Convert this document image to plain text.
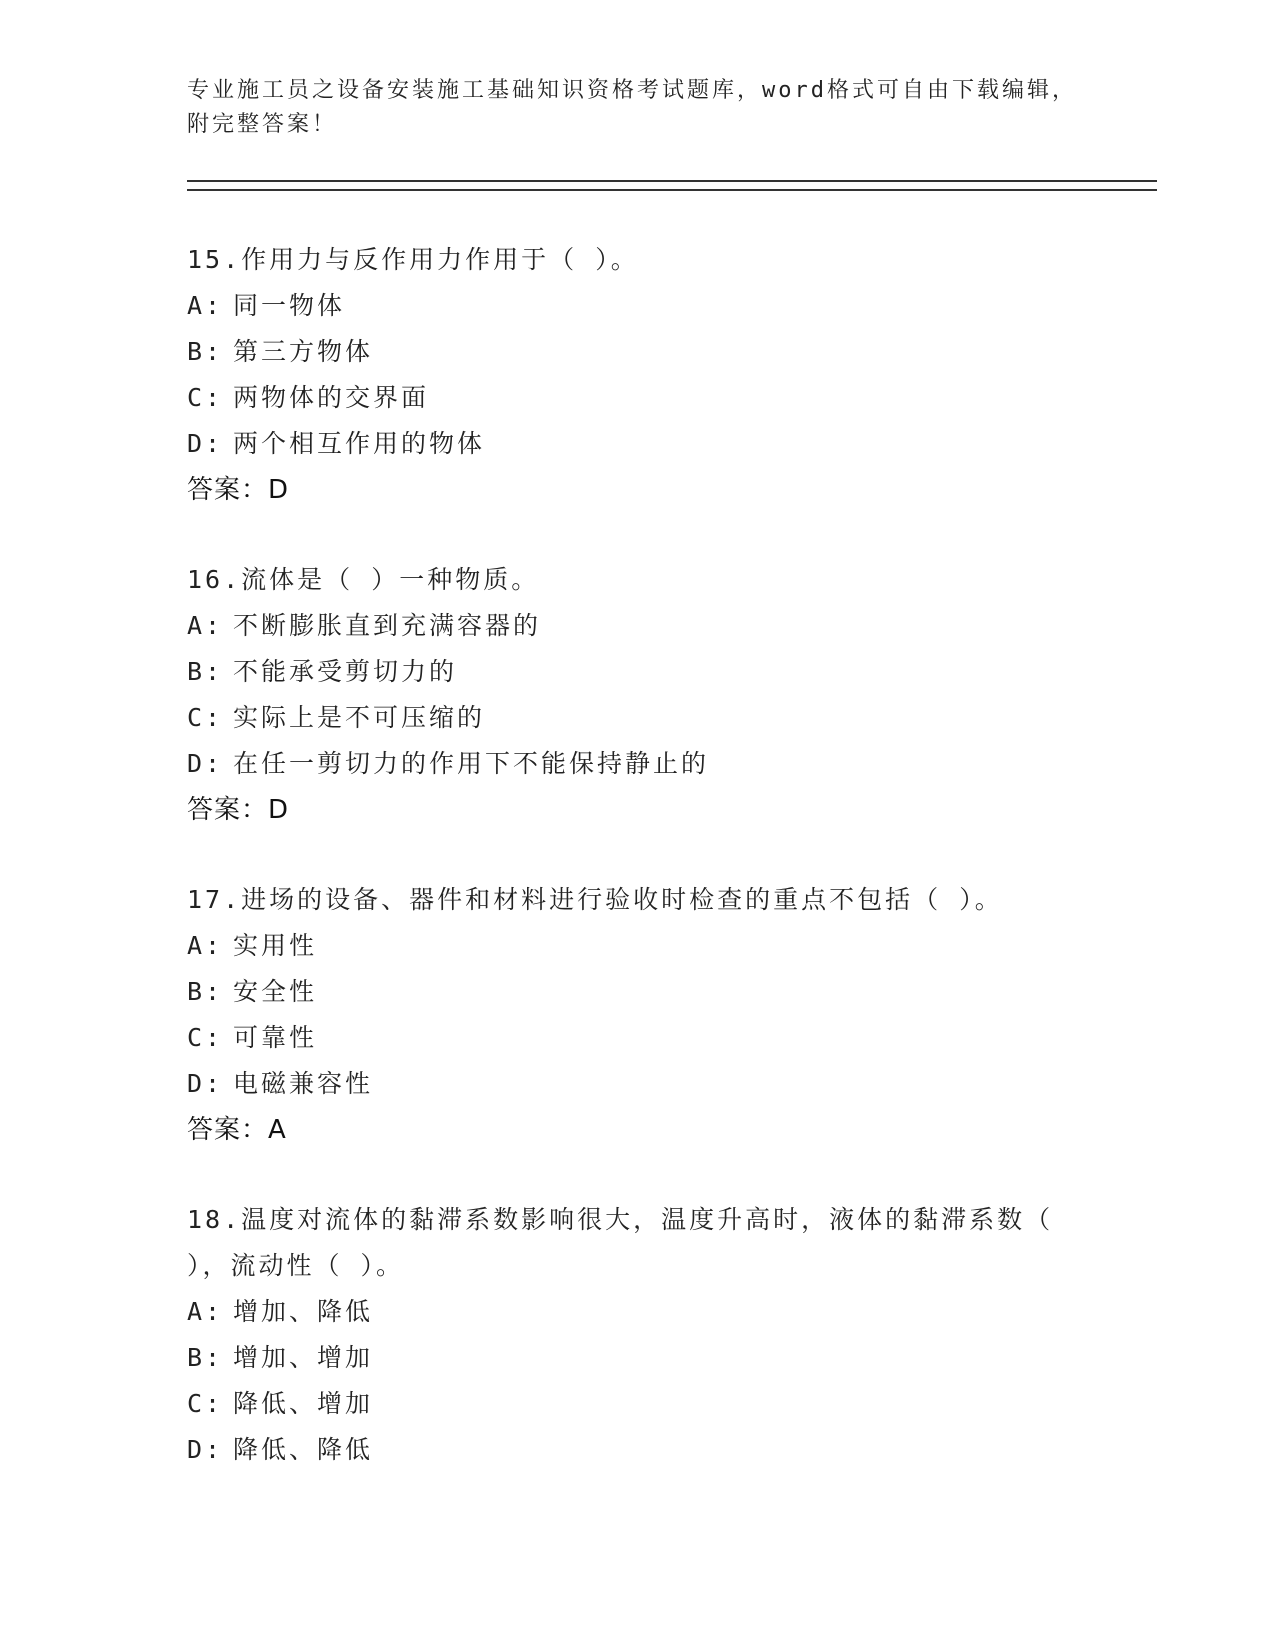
专业施工员之设备安装施工基础知识资格考试题库，word格式可自由下载编辑，
附完整答案！
15.作用力与反作用力作用于（ ）。
A: 同一物体
B: 第三方物体
C: 两物体的交界面
D: 两个相互作用的物体
答案：D
16.流体是（ ）一种物质。
A: 不断膨胀直到充满容器的
B: 不能承受剪切力的
C: 实际上是不可压缩的
D: 在任一剪切力的作用下不能保持静止的
答案：D
17.进场的设备、器件和材料进行验收时检查的重点不包括（ ）。
A: 实用性
B: 安全性
C: 可靠性
D: 电磁兼容性
答案：A
18.温度对流体的黏滞系数影响很大，温度升高时，液体的黏滞系数（
），流动性（ ）。
A: 增加、降低
B: 增加、增加
C: 降低、增加
D: 降低、降低
